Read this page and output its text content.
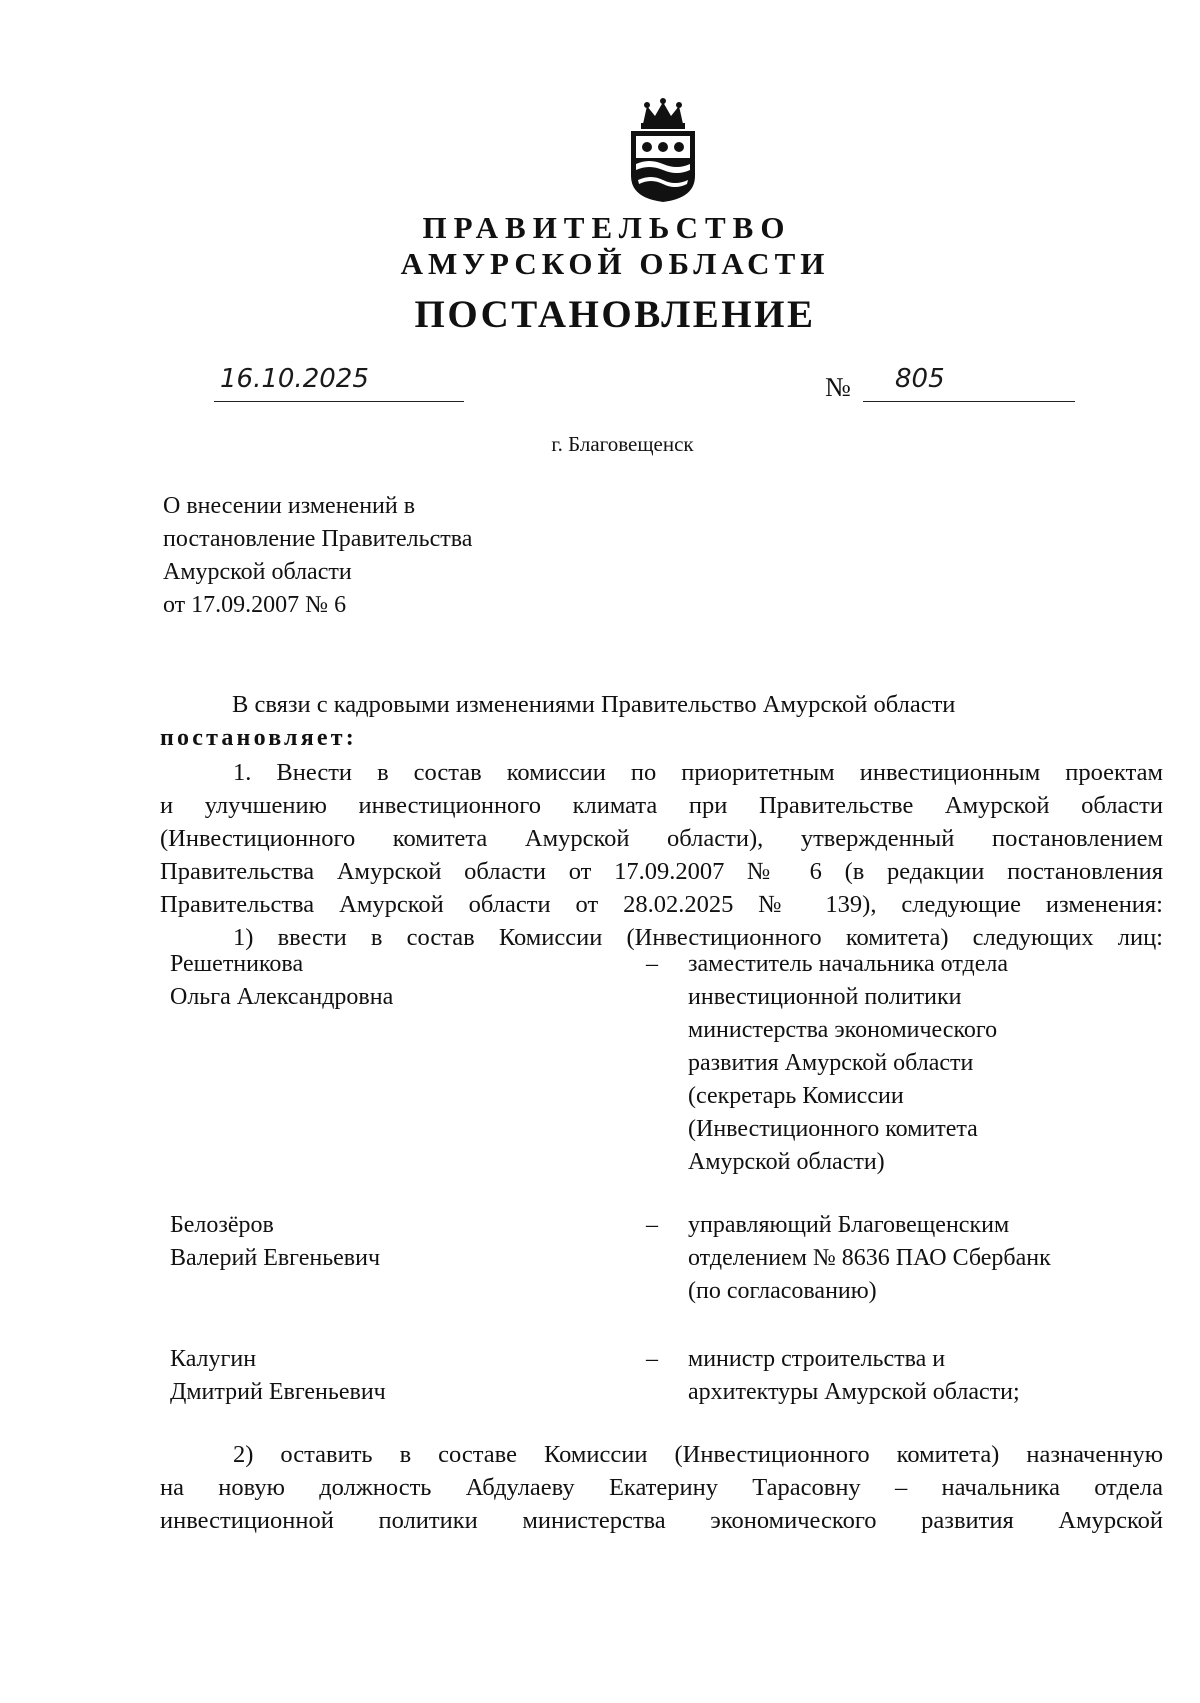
ПРАВИТЕЛЬСТВО
АМУРСКОЙ ОБЛАСТИ
ПОСТАНОВЛЕНИЕ
16.10.2025	№ 805
г. Благовещенск
О внесении изменений в
постановление Правительства
Амурской области
от 17.09.2007 № 6
В связи с кадровыми изменениями Правительство Амурской области
постановляет:
1. Внести в состав комиссии по приоритетным инвестиционным проектам
и улучшению инвестиционного климата при Правительстве Амурской области
(Инвестиционного комитета Амурской области), утвержденный постановлением
Правительства Амурской области от 17.09.2007 № 6 (в редакции постановления
Правительства Амурской области от 28.02.2025 № 139), следующие изменения:
1) ввести в состав Комиссии (Инвестиционного комитета) следующих лиц:
Решетникова
Ольга Александровна
– заместитель начальника отдела
инвестиционной политики
министерства экономического
развития Амурской области
(секретарь Комиссии
(Инвестиционного комитета
Амурской области)
Белозёров
Валерий Евгеньевич
– управляющий Благовещенским
отделением № 8636 ПАО Сбербанк
(по согласованию)
Калугин
Дмитрий Евгеньевич
– министр строительства и
архитектуры Амурской области;
2) оставить в составе Комиссии (Инвестиционного комитета) назначенную
на новую должность Абдулаеву Екатерину Тарасовну – начальника отдела
инвестиционной политики министерства экономического развития Амурской
